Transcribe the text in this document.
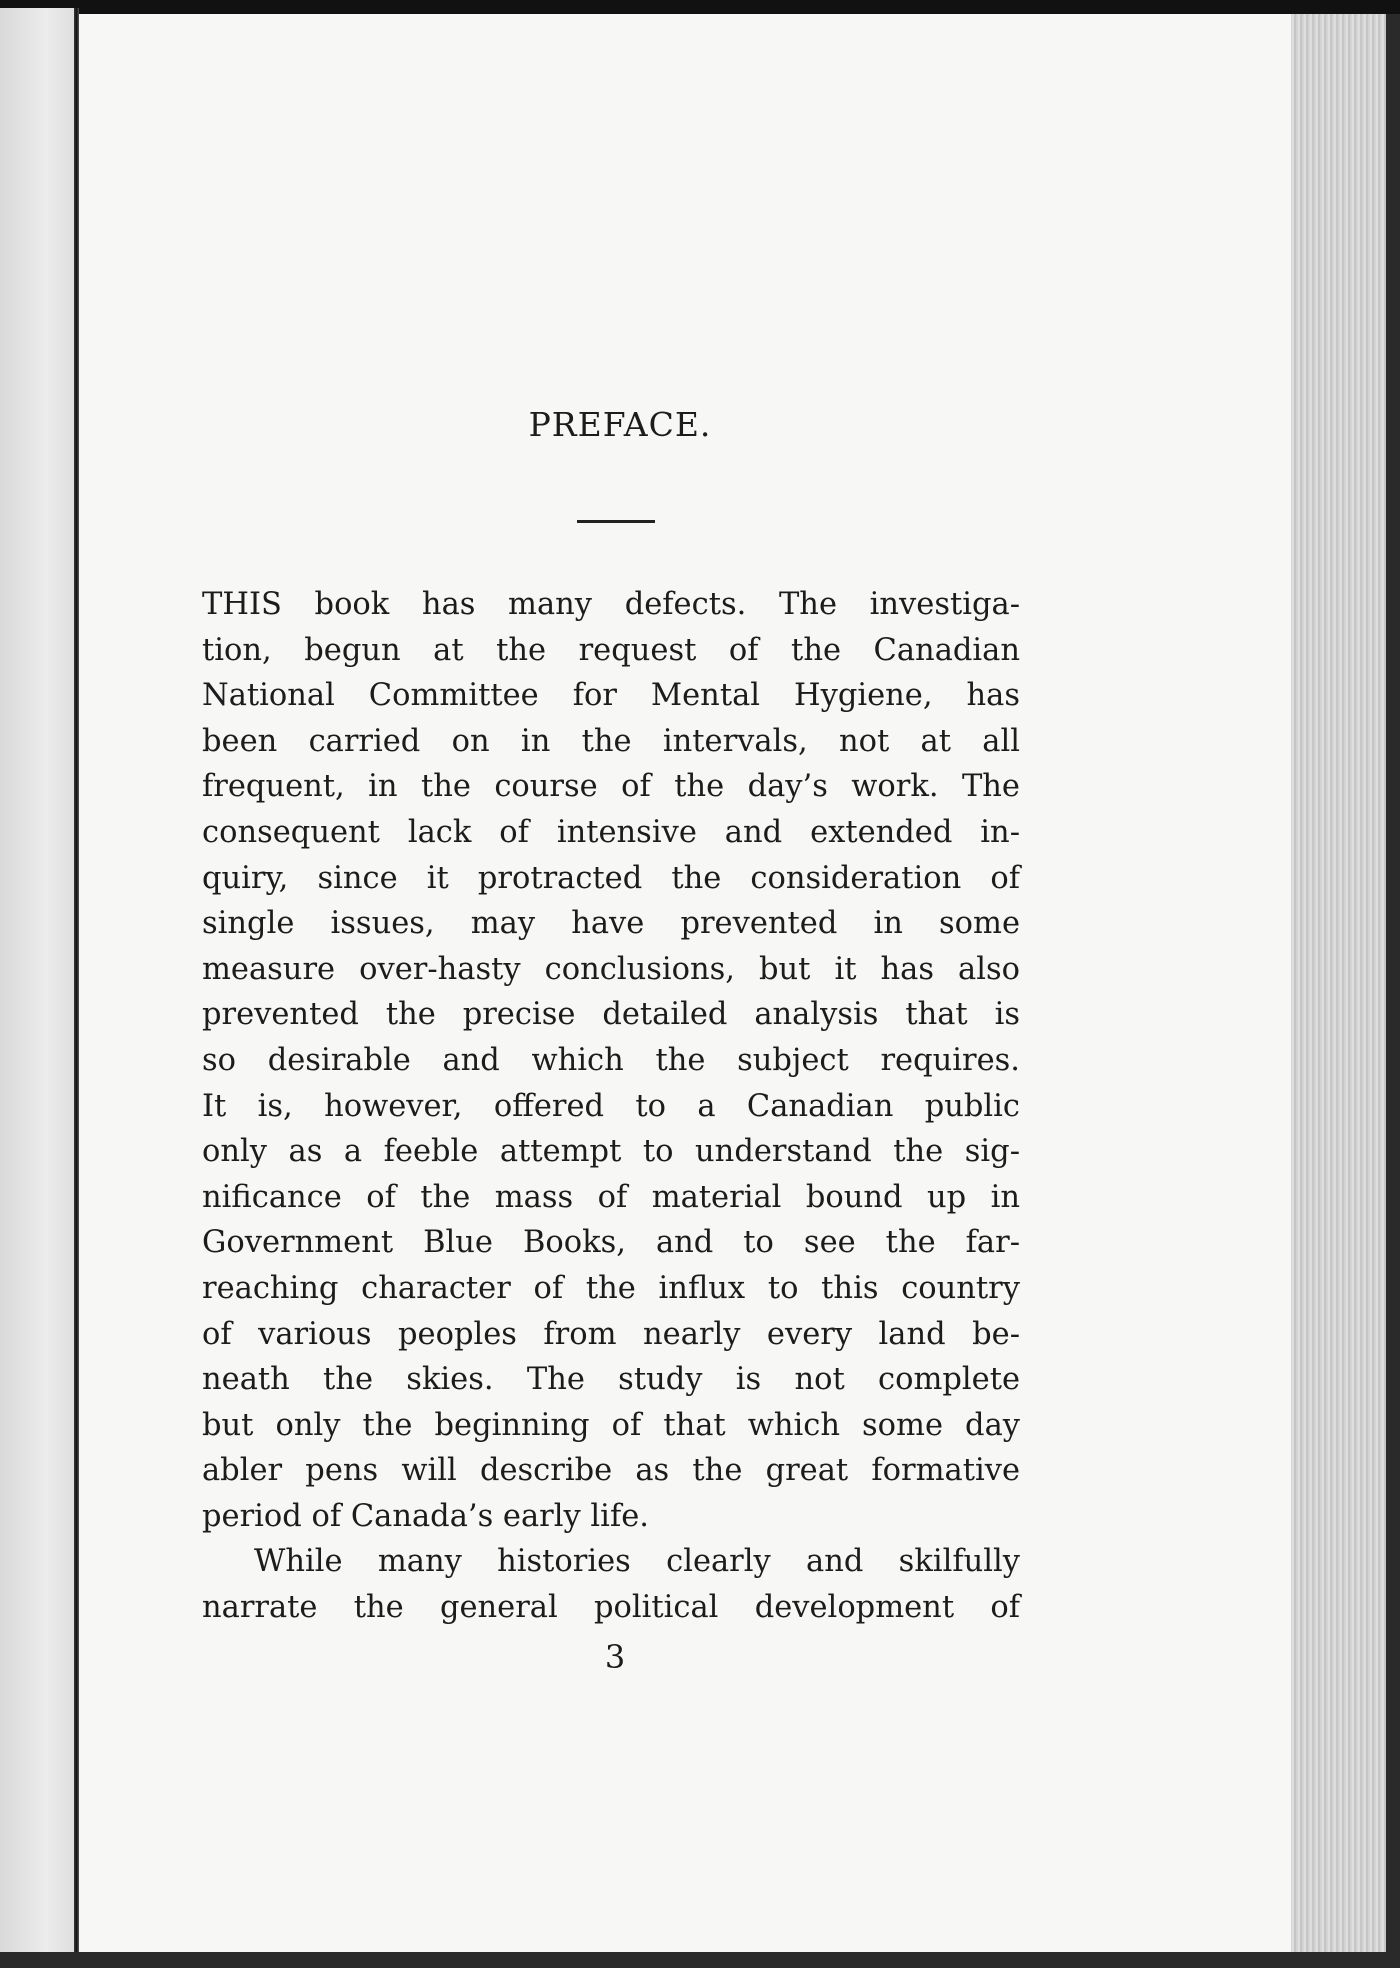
PREFACE.
THIS book has many defects. The investiga-
tion, begun at the request of the Canadian
National Committee for Mental Hygiene, has
been carried on in the intervals, not at all
frequent, in the course of the day’s work. The
consequent lack of intensive and extended in-
quiry, since it protracted the consideration of
single issues, may have prevented in some
measure over-hasty conclusions, but it has also
prevented the precise detailed analysis that is
so desirable and which the subject requires.
It is, however, offered to a Canadian public
only as a feeble attempt to understand the sig-
nificance of the mass of material bound up in
Government Blue Books, and to see the far-
reaching character of the influx to this country
of various peoples from nearly every land be-
neath the skies. The study is not complete
but only the beginning of that which some day
abler pens will describe as the great formative
period of Canada’s early life.
While many histories clearly and skilfully
narrate the general political development of
3
